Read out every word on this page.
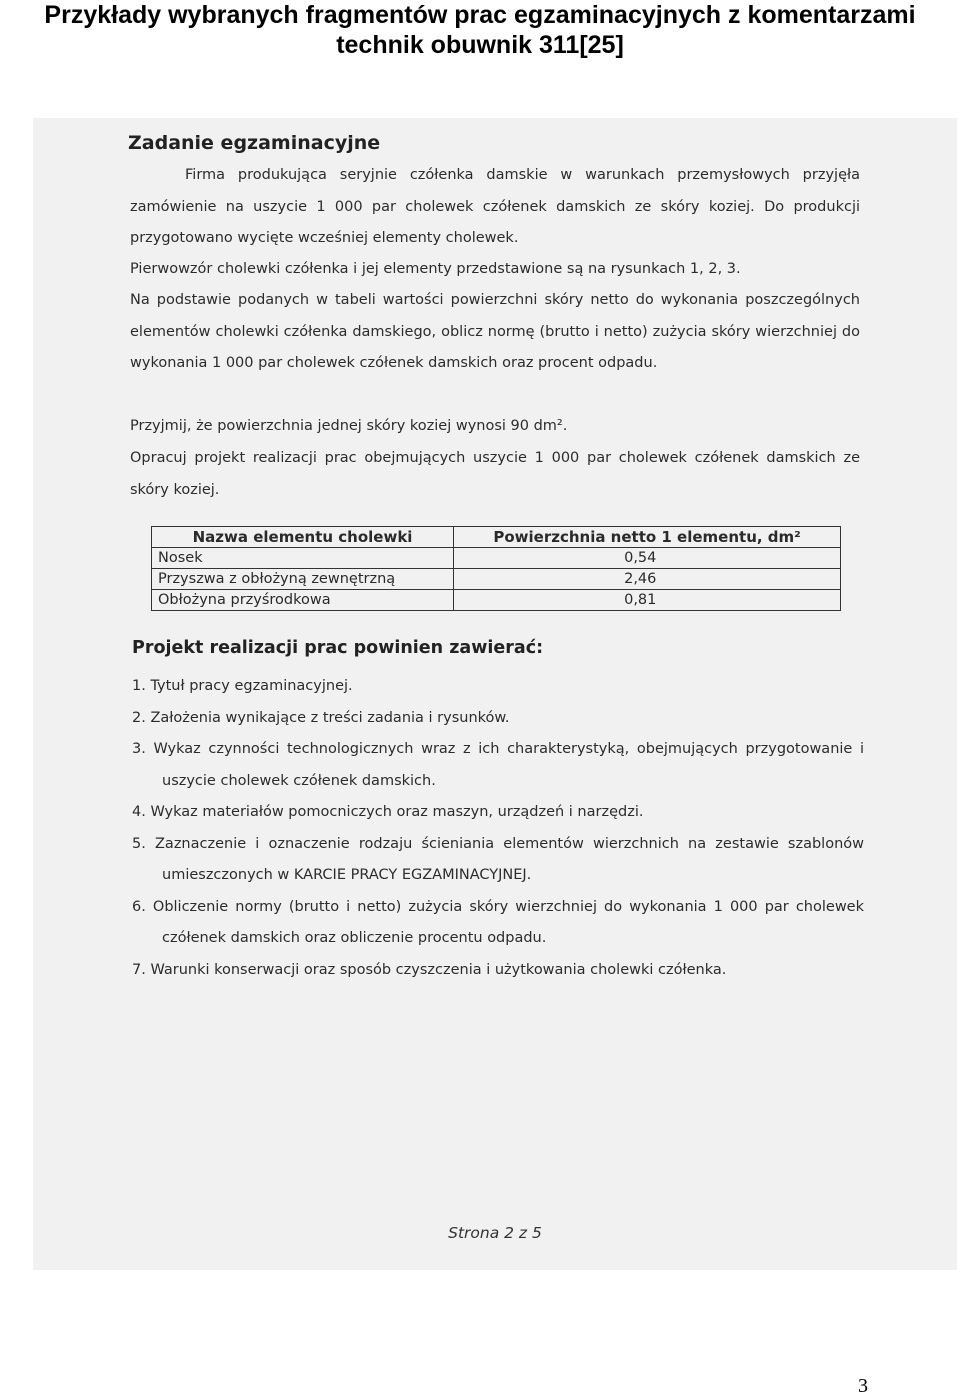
Przykłady wybranych fragmentów prac egzaminacyjnych z komentarzami
technik obuwnik 311[25]
Zadanie egzaminacyjne
Firma produkująca seryjnie czółenka damskie w warunkach przemysłowych przyjęła zamówienie na uszycie 1 000 par cholewek czółenek damskich ze skóry koziej. Do produkcji przygotowano wycięte wcześniej elementy cholewek.
Pierwowzór cholewki czółenka i jej elementy przedstawione są na rysunkach 1, 2, 3.
Na podstawie podanych w tabeli wartości powierzchni skóry netto do wykonania poszczególnych elementów cholewki czółenka damskiego, oblicz normę (brutto i netto) zużycia skóry wierzchniej do wykonania 1 000 par cholewek czółenek damskich oraz procent odpadu.
Przyjmij, że powierzchnia jednej skóry koziej wynosi 90 dm².
Opracuj projekt realizacji prac obejmujących uszycie 1 000 par cholewek czółenek damskich ze skóry koziej.
Nazwa elementu cholewki	Powierzchnia netto 1 elementu, dm²
Nosek	0,54
Przyszwa z obłożyną zewnętrzną	2,46
Obłożyna przyśrodkowa	0,81
Projekt realizacji prac powinien zawierać:
1. Tytuł pracy egzaminacyjnej.
2. Założenia wynikające z treści zadania i rysunków.
3. Wykaz czynności technologicznych wraz z ich charakterystyką, obejmujących przygotowanie i uszycie cholewek czółenek damskich.
4. Wykaz materiałów pomocniczych oraz maszyn, urządzeń i narzędzi.
5. Zaznaczenie i oznaczenie rodzaju ścieniania elementów wierzchnich na zestawie szablonów umieszczonych w KARCIE PRACY EGZAMINACYJNEJ.
6. Obliczenie normy (brutto i netto) zużycia skóry wierzchniej do wykonania 1 000 par cholewek czółenek damskich oraz obliczenie procentu odpadu.
7. Warunki konserwacji oraz sposób czyszczenia i użytkowania cholewki czółenka.
Strona 2 z 5
3
